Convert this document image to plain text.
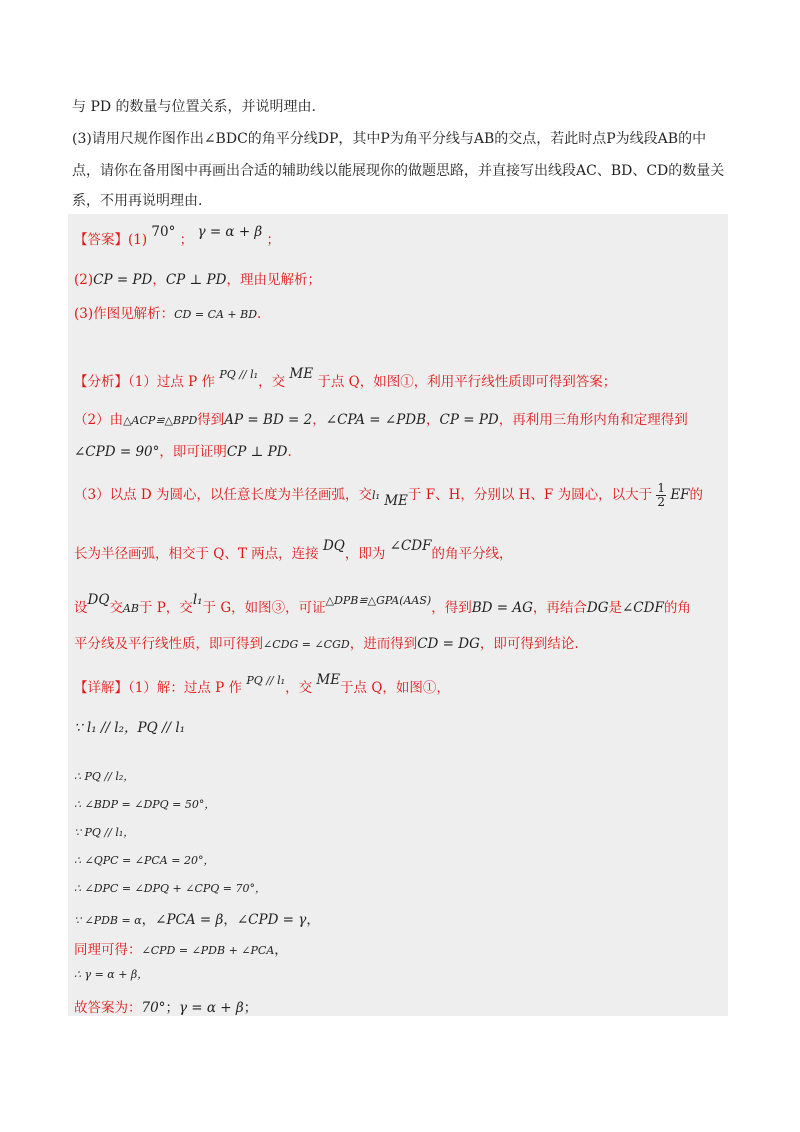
与 PD 的数量与位置关系，并说明理由.
(3)请用尺规作图作出∠BDC的角平分线DP，其中P为角平分线与AB的交点，若此时点P为线段AB的中
点，请你在备用图中再画出合适的辅助线以能展现你的做题思路，并直接写出线段AC、BD、CD的数量关
系，不用再说明理由.
【答案】(1) 70° ； γ = α + β ；
(2)CP = PD，CP ⊥ PD，理由见解析；
(3)作图见解析：CD = CA + BD.
【分析】（1）过点 P 作 $^{PQ // l_1}$，交 ME 于点 Q，如图①，利用平行线性质即可得到答案；
（2）由△ACP≌△BPD得到AP = BD = 2，∠CPA = ∠PDB，CP = PD，再利用三角形内角和定理得到
∠CPD = 90°，即可证明CP ⊥ PD.
（3）以点 D 为圆心，以任意长度为半径画弧，交l₁ ME于 F、H，分别以 H、F 为圆心，以大于 $\frac{1}{2}$ EF的
长为半径画弧，相交于 Q、T 两点，连接 DQ，即为 ∠CDF的角平分线，
设DQ交AB于 P，交l₁于 G，如图③，可证$^{\triangle DPB≌\triangle GPA(AAS)}$，得到BD = AG，再结合DG是∠CDF的角
平分线及平行线性质，即可得到∠CDG = ∠CGD，进而得到CD = DG，即可得到结论.
【详解】（1）解：过点 P 作 $^{PQ // l_1}$，交 ME于点 Q，如图①，
∵ l₁ // l₂，PQ // l₁
∴ PQ // l₂，
∴ ∠BDP = ∠DPQ = 50°，
∵ PQ // l₁，
∴ ∠QPC = ∠PCA = 20°，
∴ ∠DPC = ∠DPQ + ∠CPQ = 70°，
∵ ∠PDB = α，∠PCA = β，∠CPD = γ，
同理可得：∠CPD = ∠PDB + ∠PCA，
∴ γ = α + β，
故答案为：70°；γ = α + β；
